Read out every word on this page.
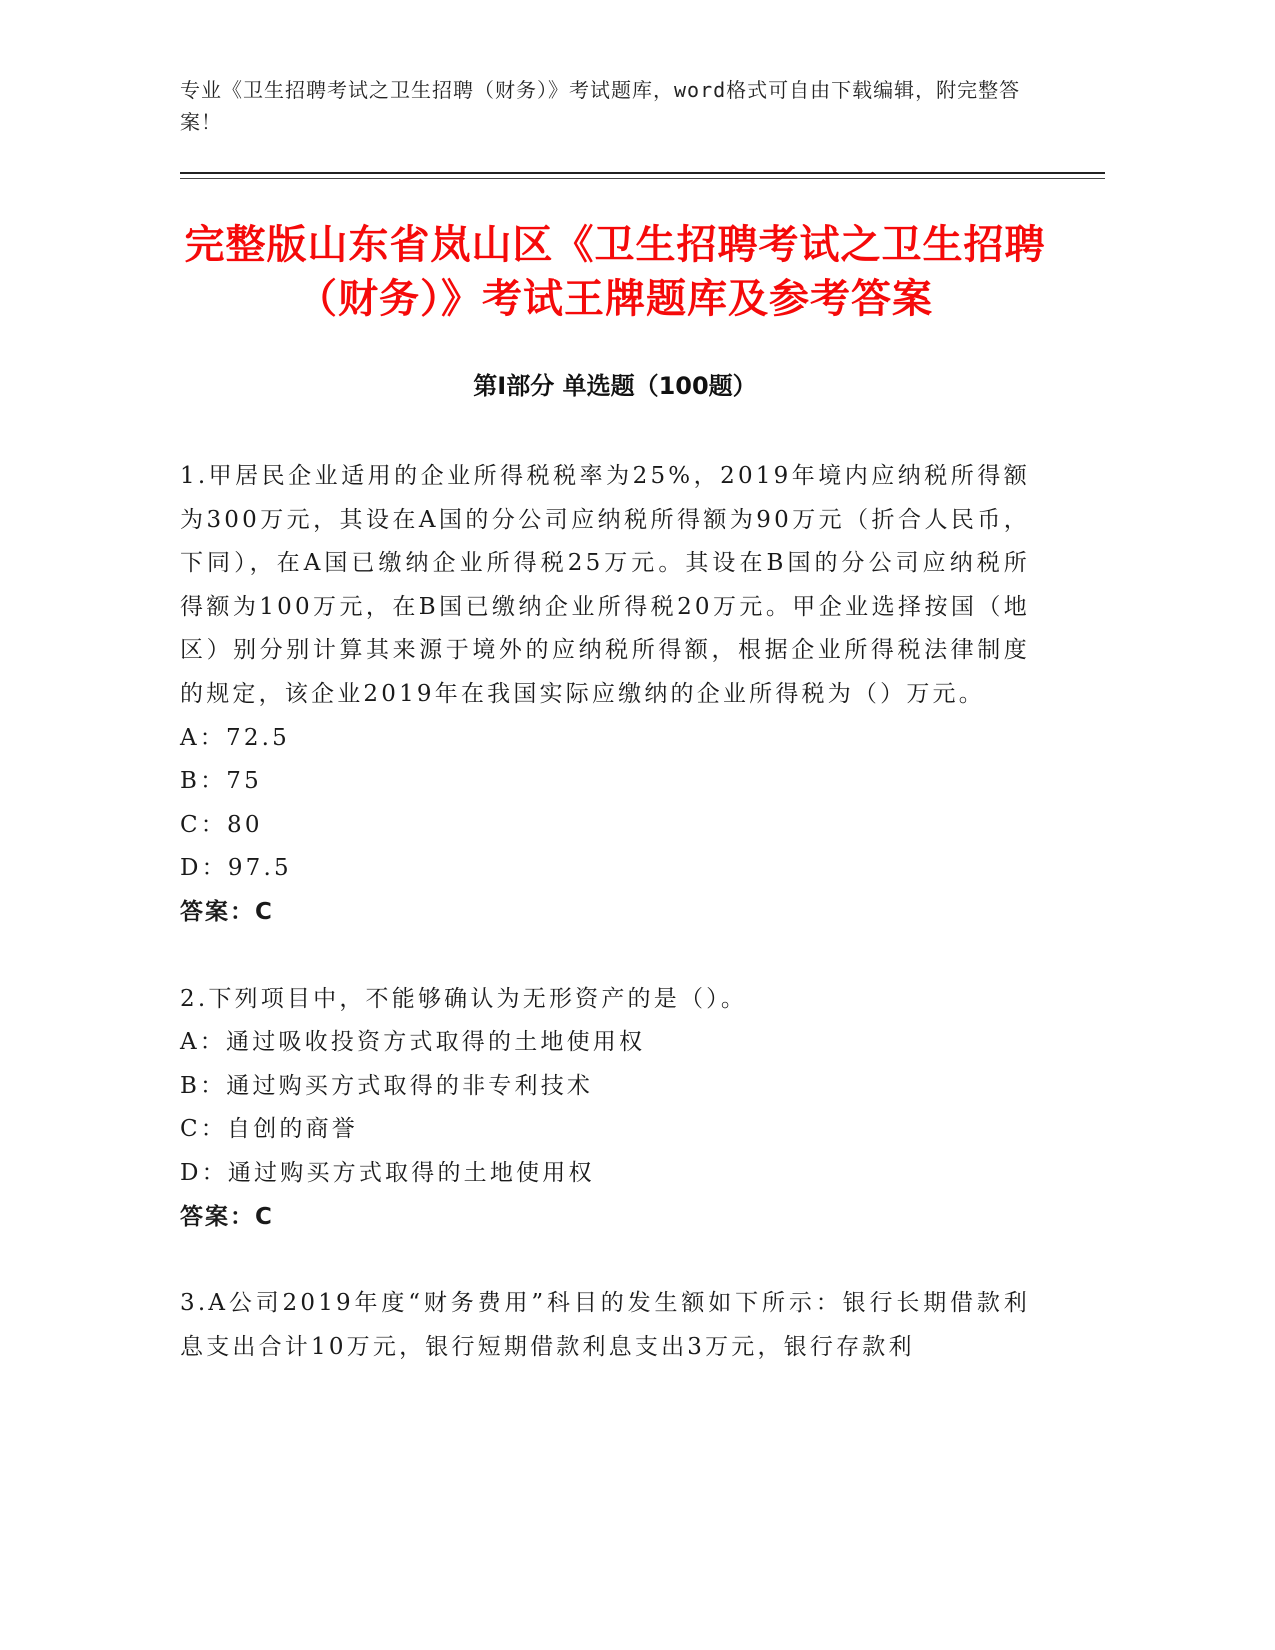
专业《卫生招聘考试之卫生招聘（财务）》考试题库，word格式可自由下载编辑，附完整答案！
完整版山东省岚山区《卫生招聘考试之卫生招聘（财务）》考试王牌题库及参考答案
第Ⅰ部分 单选题（100题）

1.甲居民企业适用的企业所得税税率为25%，2019年境内应纳税所得额为300万元，其设在A国的分公司应纳税所得额为90万元（折合人民币，下同），在A国已缴纳企业所得税25万元。其设在B国的分公司应纳税所得额为100万元，在B国已缴纳企业所得税20万元。甲企业选择按国（地区）别分别计算其来源于境外的应纳税所得额，根据企业所得税法律制度的规定，该企业2019年在我国实际应缴纳的企业所得税为（）万元。

A：72.5

B：75

C：80

D：97.5

答案：C

2.下列项目中，不能够确认为无形资产的是（）。

A：通过吸收投资方式取得的土地使用权

B：通过购买方式取得的非专利技术

C：自创的商誉

D：通过购买方式取得的土地使用权

答案：C

3.A公司2019年度“财务费用”科目的发生额如下所示：银行长期借款利息支出合计10万元，银行短期借款利息支出3万元，银行存款利
